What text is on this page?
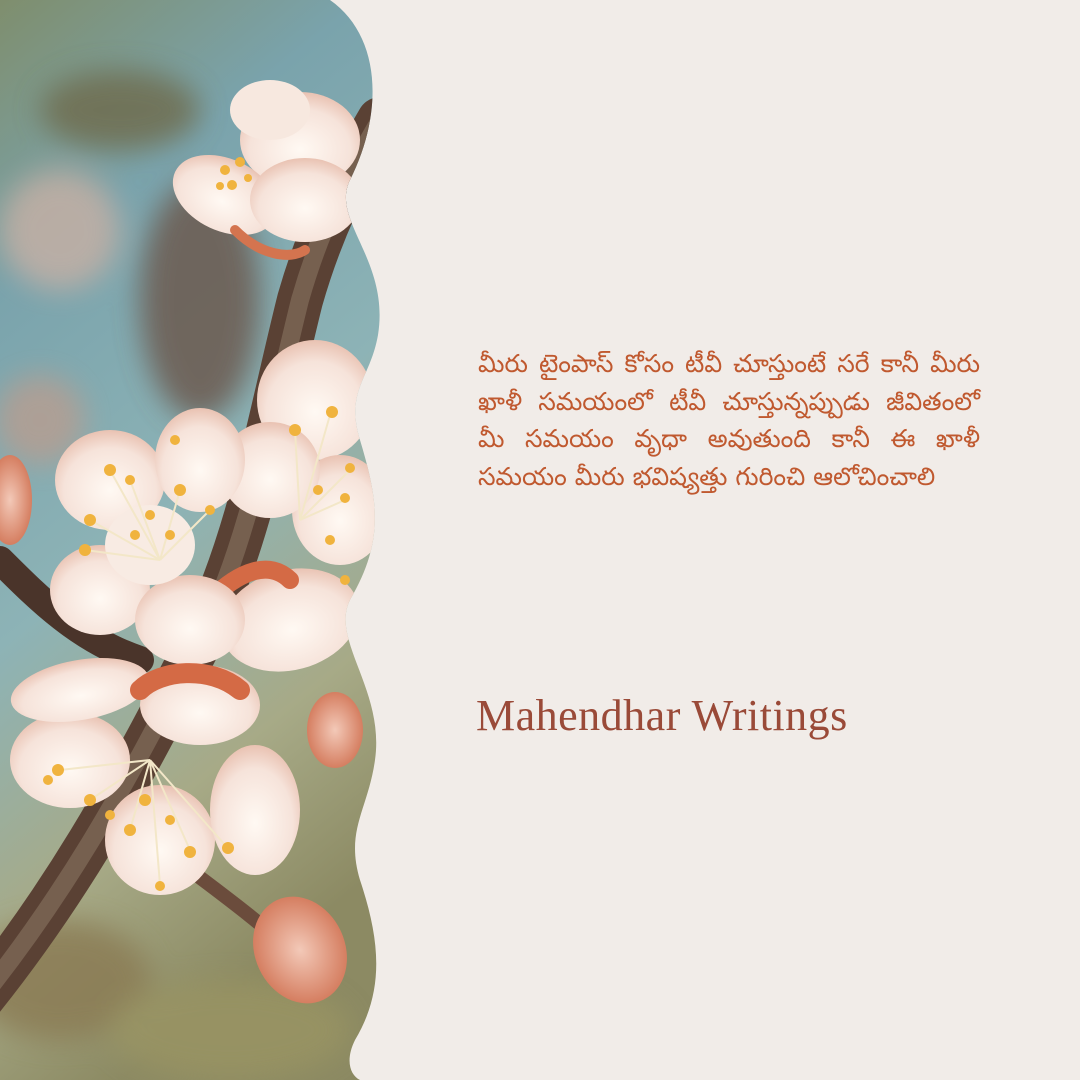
మీరు టైంపాస్ కోసం టీవీ చూస్తుంటే సరే కానీ మీరు ఖాళీ సమయంలో టీవీ చూస్తున్నప్పుడు జీవితంలో మీ సమయం వృధా అవుతుంది కానీ ఈ ఖాళీ సమయం మీరు భవిష్యత్తు గురించి ఆలోచించాలి

Mahendhar Writings
